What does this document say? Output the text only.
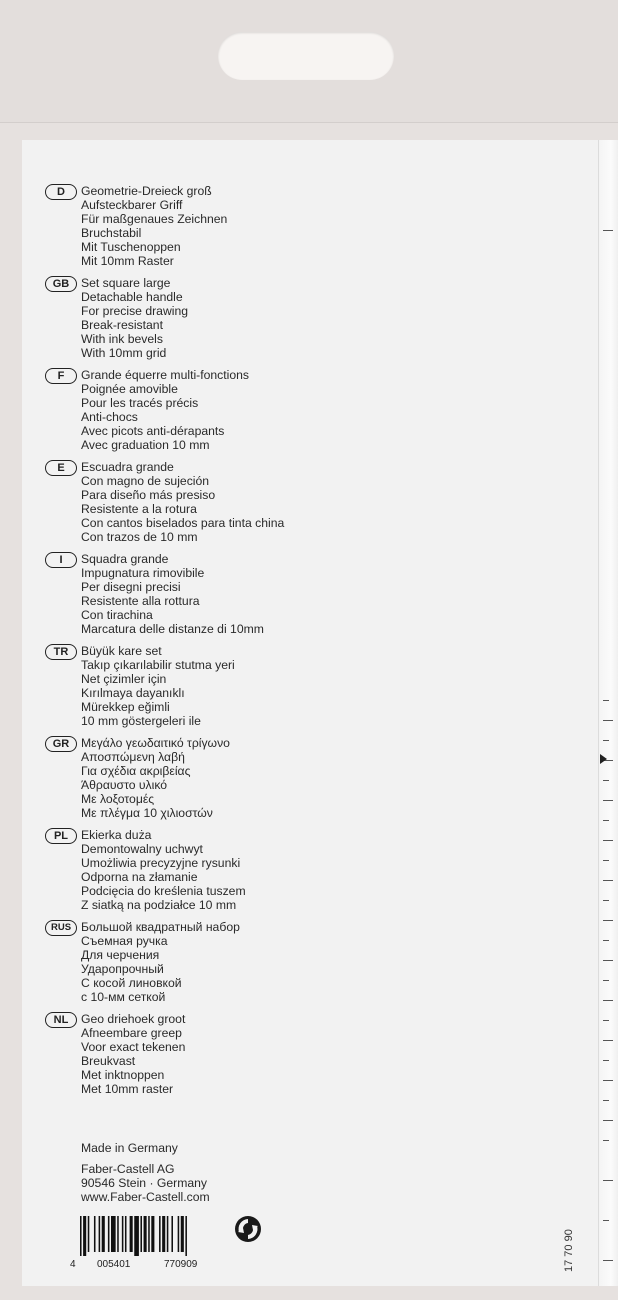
D	Geometrie-Dreieck groß
Aufsteckbarer Griff
Für maßgenaues Zeichnen
Bruchstabil
Mit Tuschenoppen
Mit 10mm Raster
GB Set square large
Detachable handle
For precise drawing
Break-resistant
With ink bevels
With 10mm grid
F	Grande équerre multi-fonctions
Poignée amovible
Pour les tracés précis
Anti-chocs
Avec picots anti-dérapants
Avec graduation 10 mm
E	Escuadra grande
Con magno de sujeción
Para diseño más presiso
Resistente a la rotura
Con cantos biselados para tinta china
Con trazos de 10 mm
I	Squadra grande
Impugnatura rimovibile
Per disegni precisi
Resistente alla rottura
Con tirachina
Marcatura delle distanze di 10mm
TR	Büyük kare set
Takıp çıkarılabilir stutma yeri
Net çizimler için
Kırılmaya dayanıklı
Mürekkep eğimli
10 mm göstergeleri ile
GR Μεγάλο γεωδαιτικό τρίγωνο
Αποσπώμενη λαβή
Για σχέδια ακριβείας
Άθραυστο υλικό
Με λοξοτομές
Με πλέγμα 10 χιλιοστών
PL	Ekierka duża
Demontowalny uchwyt
Umożliwia precyzyjne rysunki
Odporna na złamanie
Podcięcia do kreślenia tuszem
Z siatką na podziałce 10 mm
RUS Большой квадратный набор
Съемная ручка
Для черчения
Ударопрочный
С косой линовкой
с 10-мм сеткой
NL	Geo driehoek groot
Afneembare greep
Voor exact tekenen
Breukvast
Met inktnoppen
Met 10mm raster
Made in Germany
Faber-Castell AG
90546 Stein · Germany
www.Faber-Castell.com
4 005401	770909	17 70 90
